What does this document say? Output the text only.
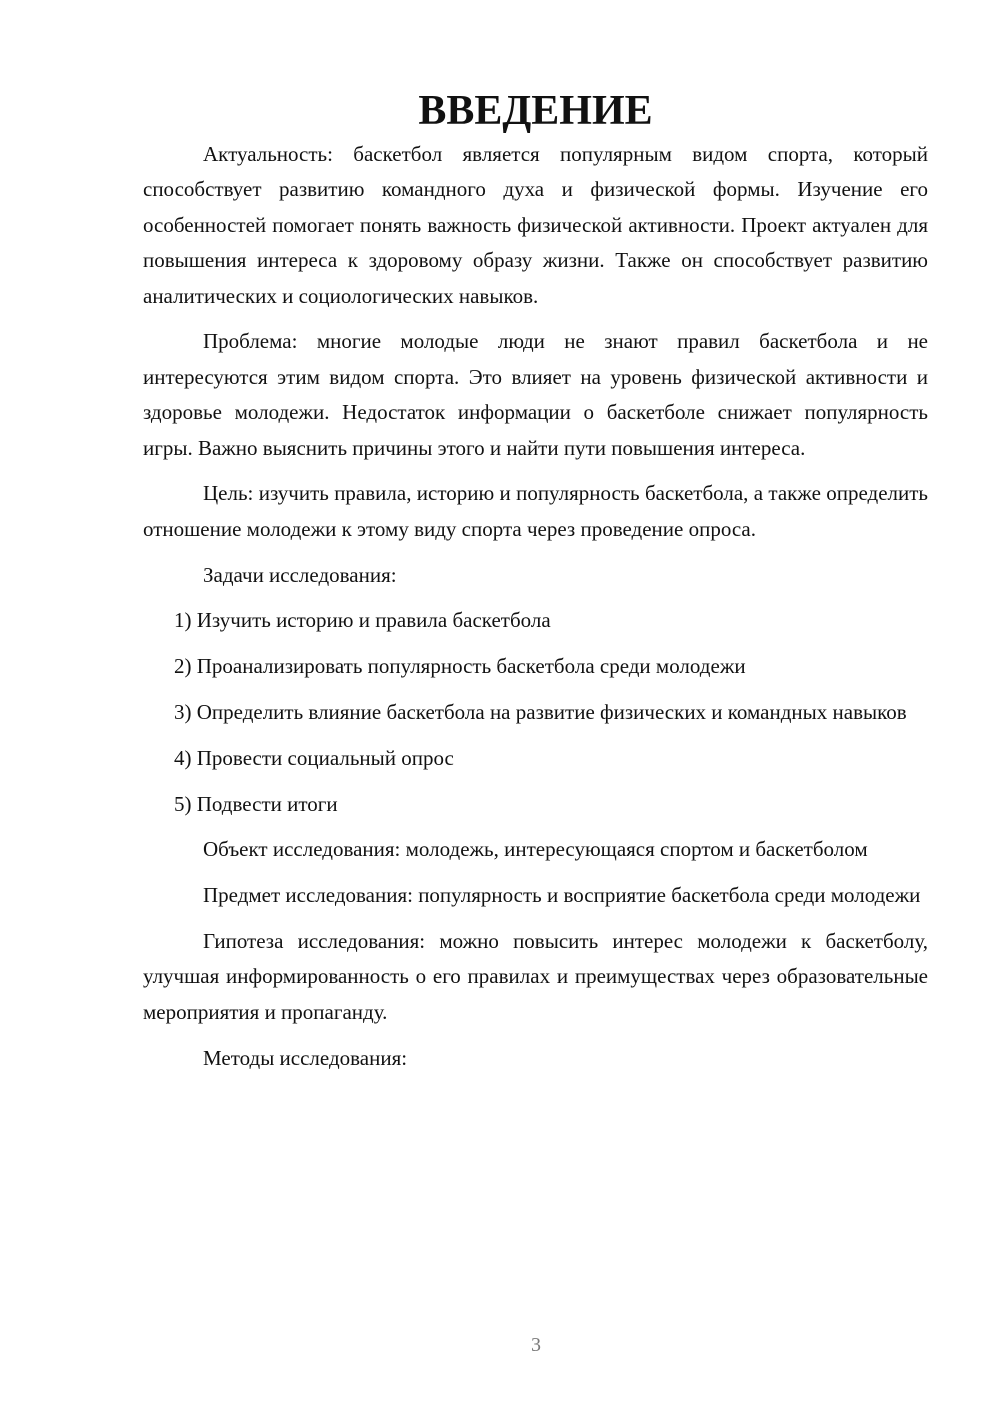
ВВЕДЕНИЕ

Актуальность: баскетбол является популярным видом спорта, который способствует развитию командного духа и физической формы. Изучение его особенностей помогает понять важность физической активности. Проект актуален для повышения интереса к здоровому образу жизни. Также он способствует развитию аналитических и социологических навыков.

Проблема: многие молодые люди не знают правил баскетбола и не интересуются этим видом спорта. Это влияет на уровень физической активности и здоровье молодежи. Недостаток информации о баскетболе снижает популярность игры. Важно выяснить причины этого и найти пути повышения интереса.

Цель: изучить правила, историю и популярность баскетбола, а также определить отношение молодежи к этому виду спорта через проведение опроса.

Задачи исследования:

1) Изучить историю и правила баскетбола

2) Проанализировать популярность баскетбола среди молодежи

3) Определить влияние баскетбола на развитие физических и командных навыков

4) Провести социальный опрос

5) Подвести итоги

Объект исследования: молодежь, интересующаяся спортом и баскетболом

Предмет исследования: популярность и восприятие баскетбола среди молодежи

Гипотеза исследования: можно повысить интерес молодежи к баскетболу, улучшая информированность о его правилах и преимуществах через образовательные мероприятия и пропаганду.

Методы исследования:

3
